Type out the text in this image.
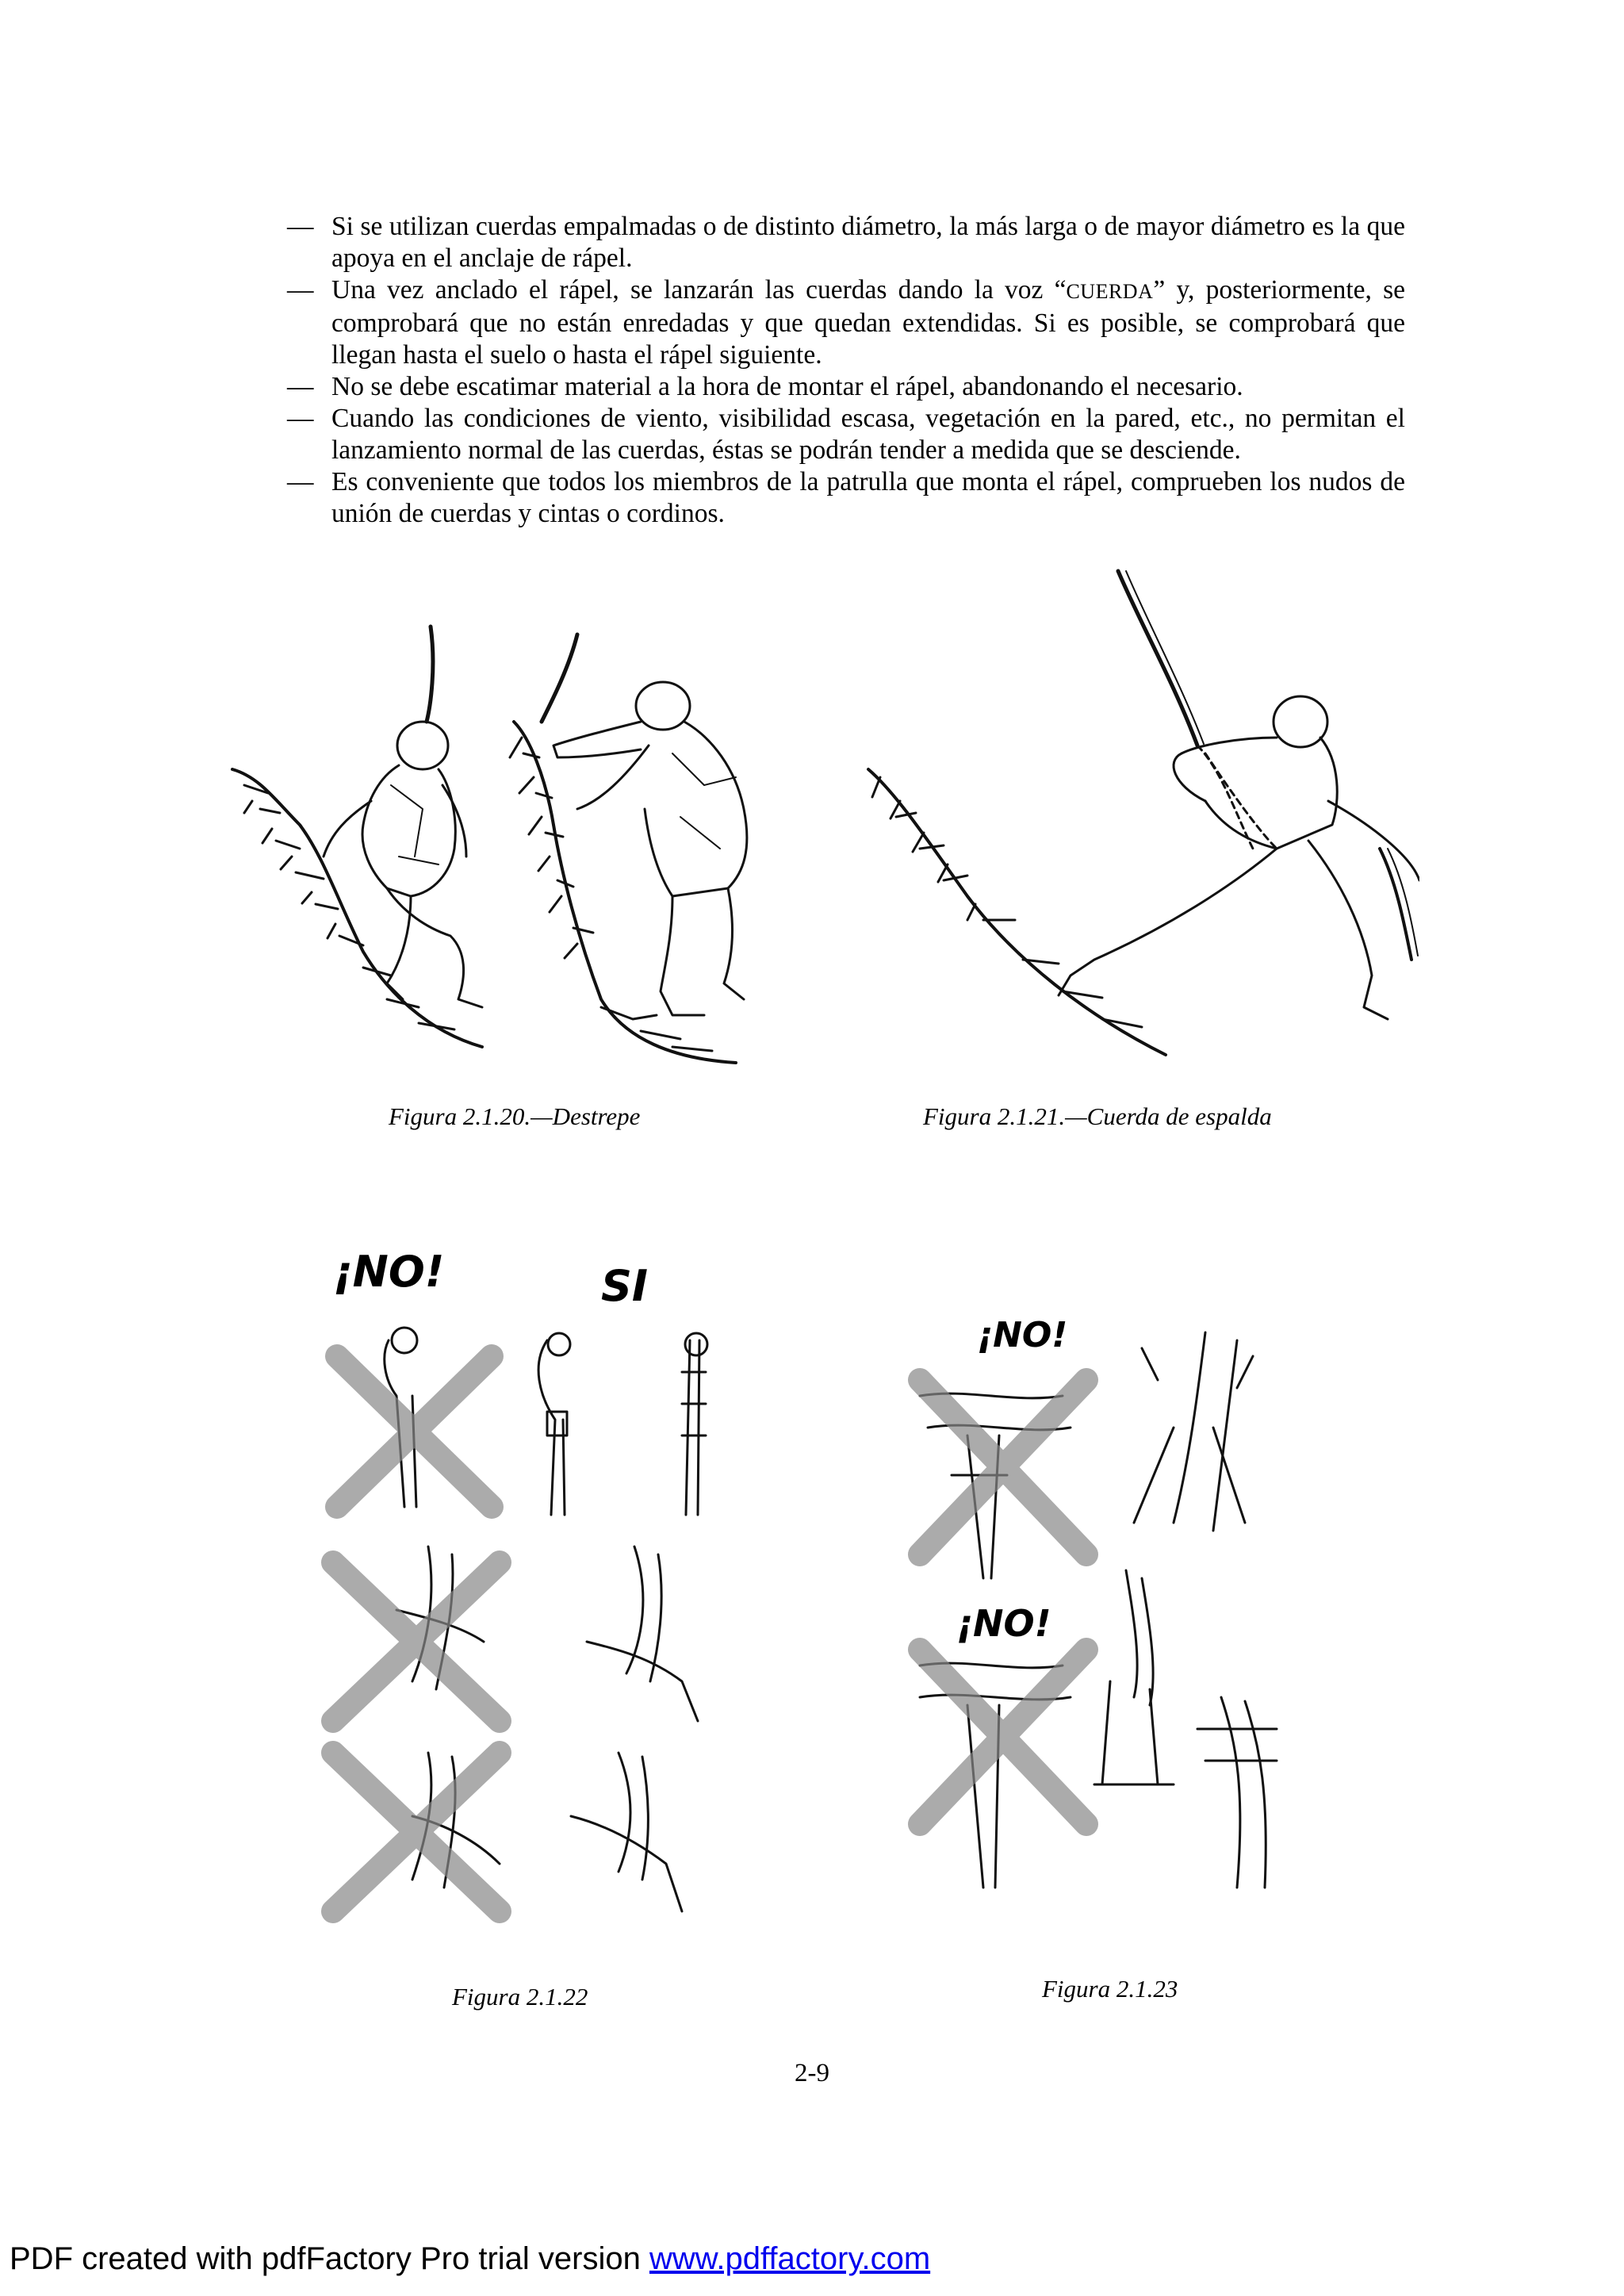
— Si se utilizan cuerdas empalmadas o de distinto diámetro, la más larga o de mayor diámetro es la que apoya en el anclaje de rápel.
— Una vez anclado el rápel, se lanzarán las cuerdas dando la voz “CUERDA” y, posteriormente, se comprobará que no están enredadas y que quedan extendidas. Si es posible, se comprobará que llegan hasta el suelo o hasta el rápel siguiente.
— No se debe escatimar material a la hora de montar el rápel, abandonando el necesario.
— Cuando las condiciones de viento, visibilidad escasa, vegetación en la pared, etc., no permitan el lanzamiento normal de las cuerdas, éstas se podrán tender a medida que se desciende.
— Es conveniente que todos los miembros de la patrulla que monta el rápel, comprueben los nudos de unión de cuerdas y cintas o cordinos.
Figura 2.1.20.—Destrepe	Figura 2.1.21.—Cuerda de espalda
¡NO!	SI
Figura 2.1.22
¡NO!
¡NO!
Figura 2.1.23
2-9
PDF created with pdfFactory Pro trial version www.pdffactory.com
